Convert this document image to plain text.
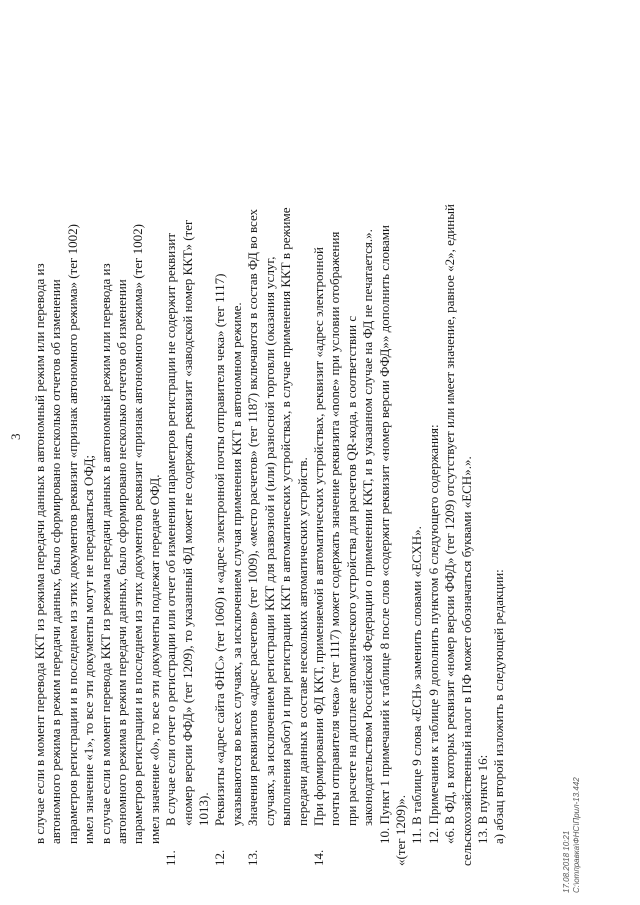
3 в случае если в момент перевода ККТ из режима передачи данных в автономный режим или перевода из автономного режима в режим передачи данных, было сформировано несколько отчетов об изменении параметров регистрации и в последнем из этих документов реквизит «признак автономного режима» (тег 1002) имел значение «1», то все эти документы могут не передаваться ОФД; в случае если в момент перевода ККТ из режима передачи данных в автономный режим или перевода из автономного режима в режим передачи данных, было сформировано несколько отчетов об изменении параметров регистрации и в последнем из этих документов реквизит «признак автономного режима» (тег 1002) имел значение «0», то все эти документы подлежат передаче ОФД.
11.В случае если отчет о регистрации или отчет об изменении параметров регистрации не содержит реквизит «номер версии ФФД» (тег 1209), то указанный ФД может не содержать реквизит «заводской номер ККТ» (тег 1013).
12.Реквизиты «адрес сайта ФНС» (тег 1060) и «адрес электронной почты отправителя чека» (тег 1117) указываются во всех случаях, за исключением случая применения ККТ в автономном режиме.
13.Значения реквизитов «адрес расчетов» (тег 1009), «место расчетов» (тег 1187) включаются в состав ФД во всех случаях, за исключением регистрации ККТ для развозной и (или) разносной торговли (оказания услуг, выполнения работ) и при регистрации ККТ в автоматических устройствах, в случае применения ККТ в режиме передачи данных в составе нескольких автоматических устройств.
14.При формировании ФД ККТ, применяемой в автоматических устройствах, реквизит «адрес электронной почты отправителя чека» (тег 1117) может содержать значение реквизита «none» при условии отображения при расчете на дисплее автоматического устройства для расчетов QR-кода, в соответствии с законодательством Российской Федерации о применении ККТ, и в указанном случае на ФД не печатается.». 10. Пункт 1 примечаний к таблице 8 после слов «содержит реквизит «номер версии ФФД»» дополнить словами «(тег 1209)». 11. В таблице 9 слова «ЕСН» заменить словами «ЕСХН». 12. Примечания к таблице 9 дополнить пунктом 6 следующего содержания: «6. В ФД, в которых реквизит «номер версии ФФД» (тег 1209) отсутствует или имеет значение, равное «2», единый сельскохозяйственный налог в ПФ может обозначаться буквами «ЕСН».». 13. В пункте 16: а) абзац второй изложить в следующей редакции:
17.08.2018 10:21 С:\отправка\ФНС\Прил-13.442
